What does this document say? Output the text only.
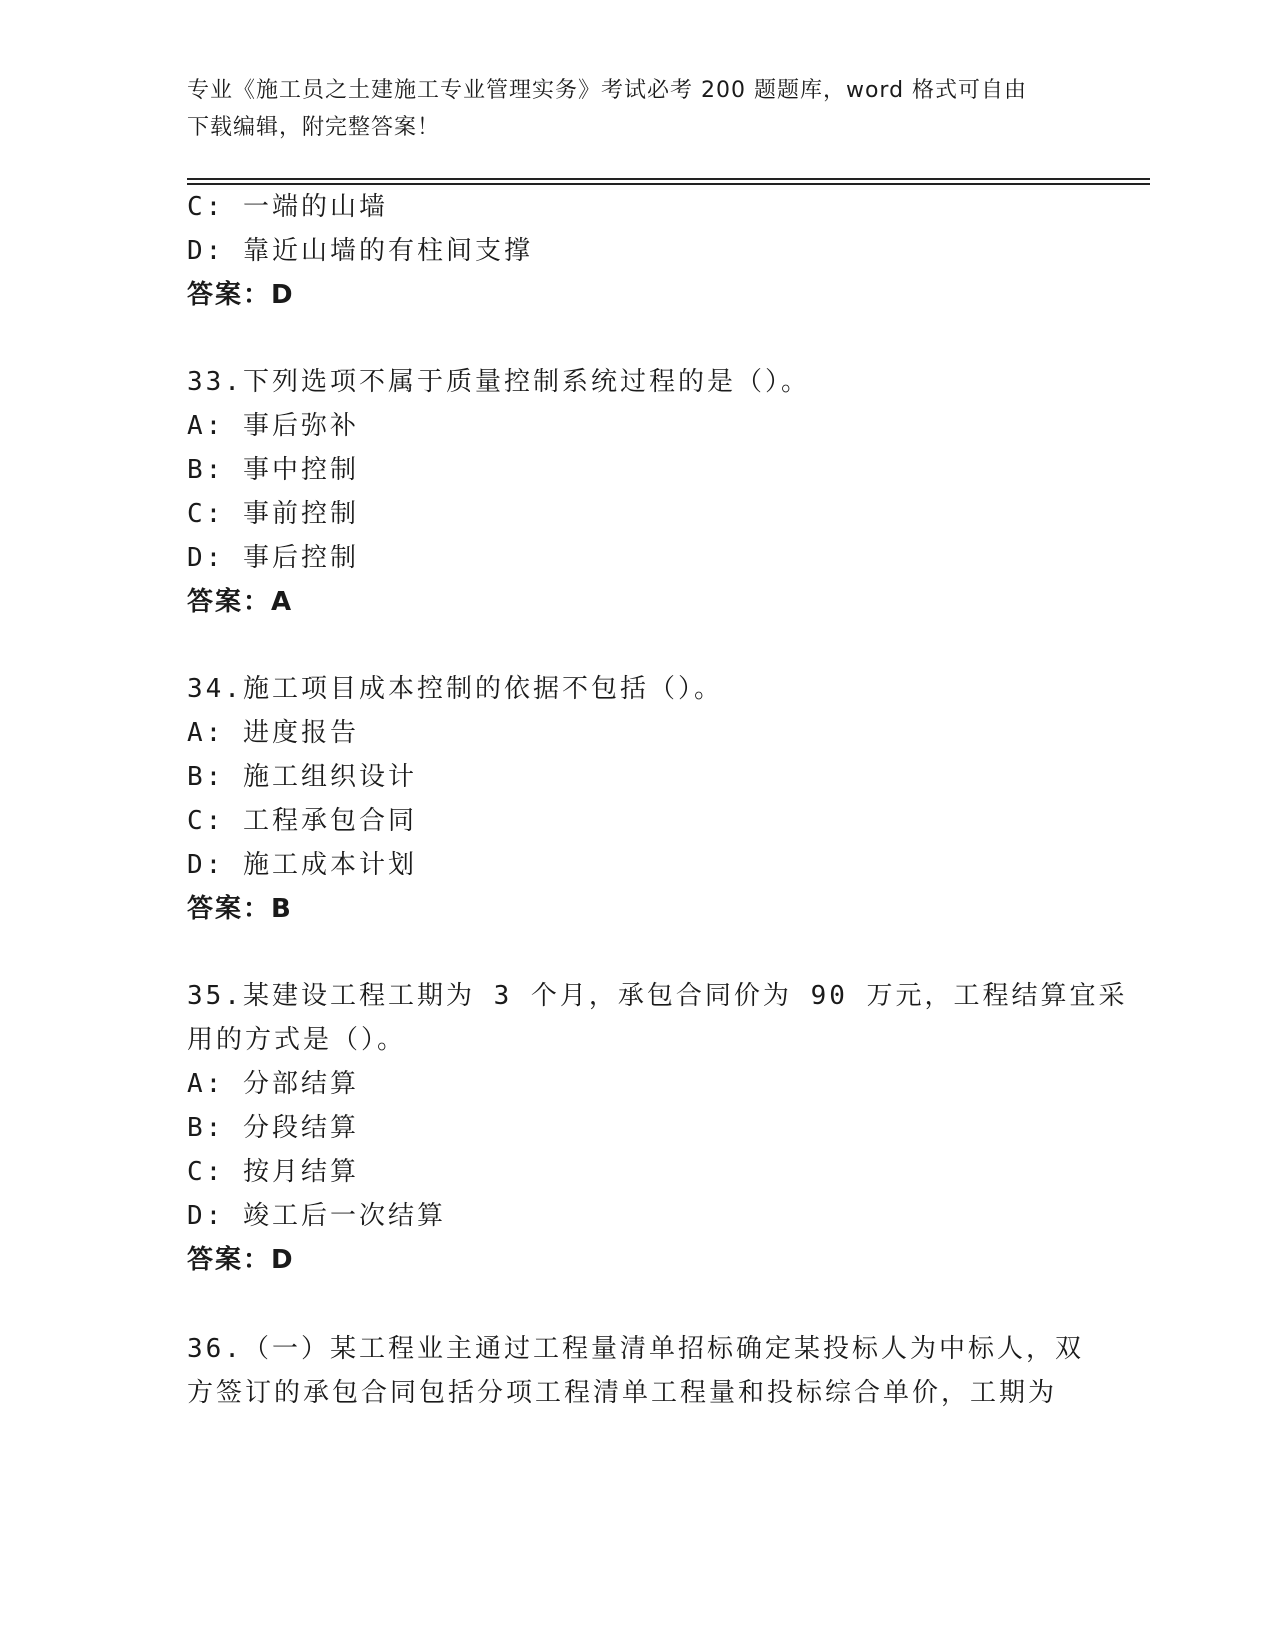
专业《施工员之土建施工专业管理实务》考试必考 200 题题库，word 格式可自由
下载编辑，附完整答案！
C: 一端的山墙
D: 靠近山墙的有柱间支撑
答案：D
33.下列选项不属于质量控制系统过程的是（）。
A: 事后弥补
B: 事中控制
C: 事前控制
D: 事后控制
答案：A
34.施工项目成本控制的依据不包括（）。
A: 进度报告
B: 施工组织设计
C: 工程承包合同
D: 施工成本计划
答案：B
35.某建设工程工期为 3 个月，承包合同价为 90 万元，工程结算宜采
用的方式是（）。
A: 分部结算
B: 分段结算
C: 按月结算
D: 竣工后一次结算
答案：D
36.（一）某工程业主通过工程量清单招标确定某投标人为中标人，双
方签订的承包合同包括分项工程清单工程量和投标综合单价，工期为
